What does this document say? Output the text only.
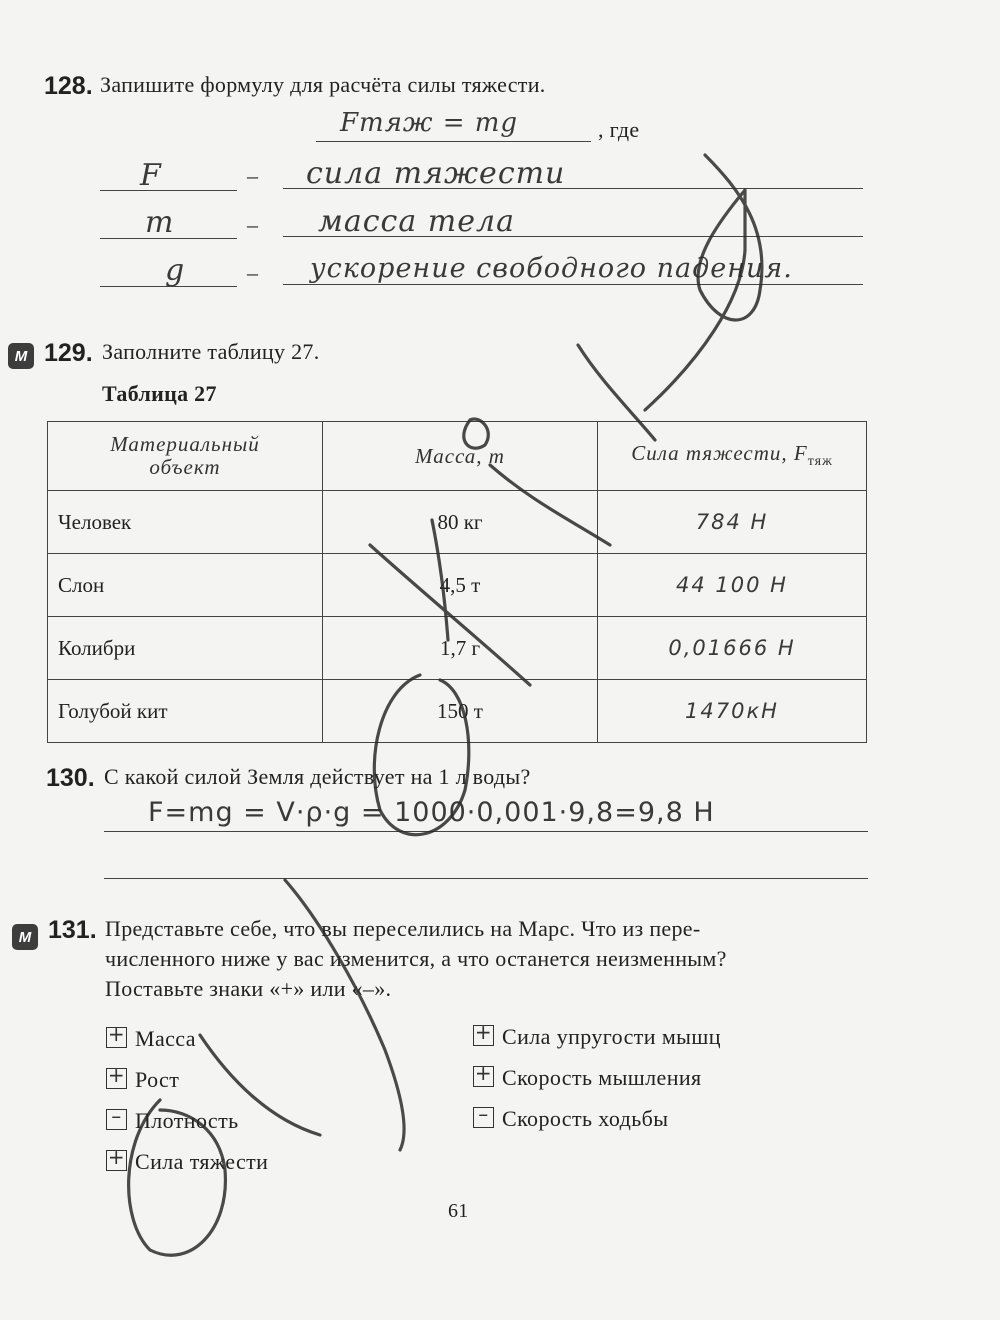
128. Запишите формулу для расчёта силы тяжести.
Fтяж = mg	, где
F	– сила тяжести
m	– масса тела
g	– ускорение свободного падения.
М 129. Заполните таблицу 27.
Таблица 27
Материальный объект	Масса, m	Сила тяжести, $F_{тяж}$
Человек	80 кг	784 Н
Слон	4,5 т	44 100 Н
Колибри	1,7 г	0,01666 Н
Голубой кит	150 т	1470кН
130. С какой силой Земля действует на 1 л воды?
F=mg = V·ρ·g = 1000·0,001·9,8=9,8 Н
М 131. Представьте себе, что вы переселились на Марс. Что из пере-
численного ниже у вас изменится, а что останется неизменным?
Поставьте знаки «+» или «–».
+ Масса
+ Рост
– Плотность
+ Сила тяжести
+ Сила упругости мышц
+ Скорость мышления
– Скорость ходьбы
61
